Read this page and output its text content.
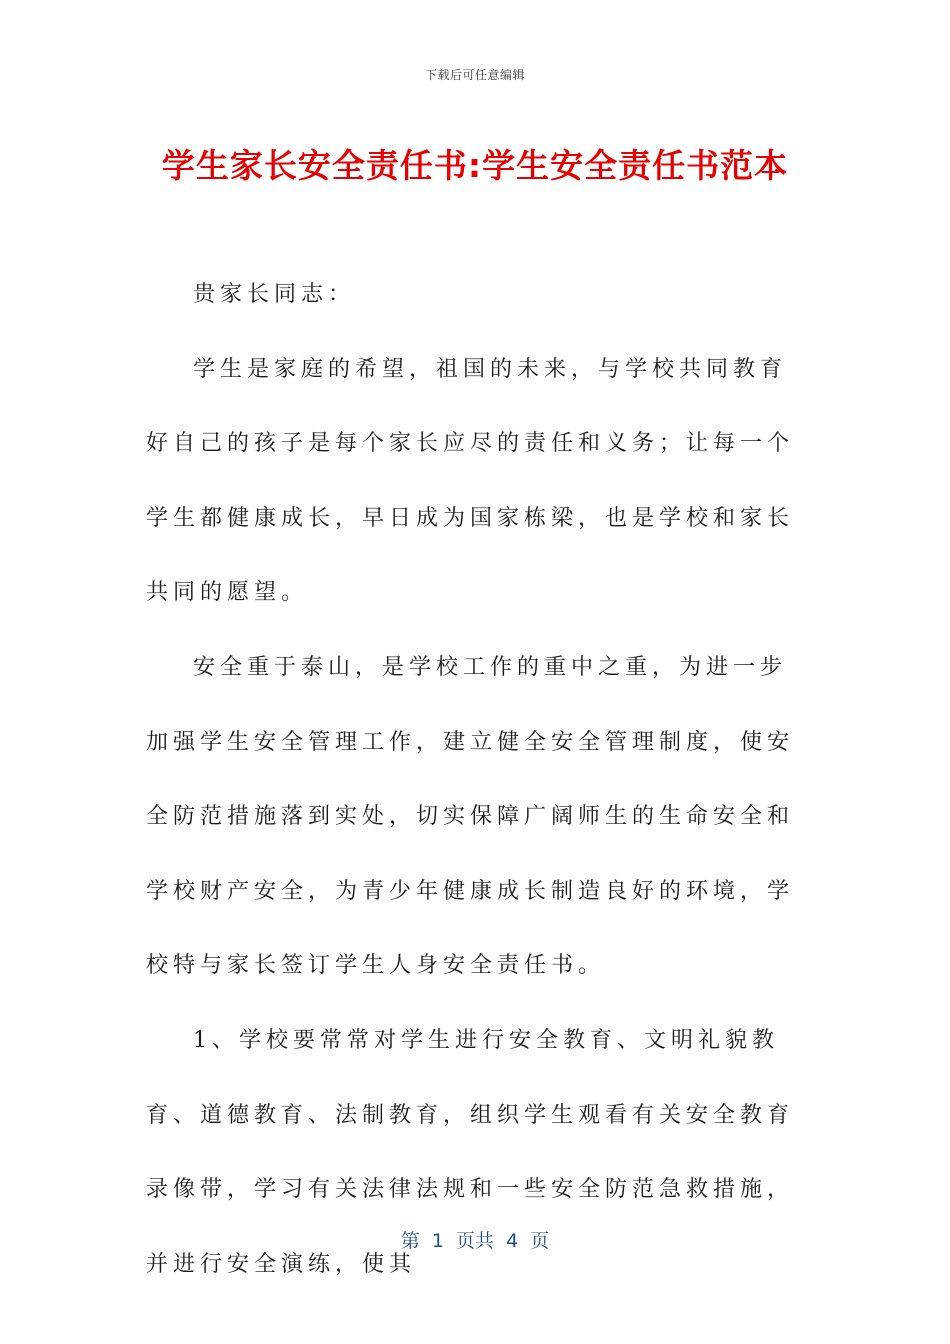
下载后可任意编辑
学生家长安全责任书:学生安全责任书范本

贵家长同志：

学生是家庭的希望，祖国的未来，与学校共同教育好自己的孩子是每个家长应尽的责任和义务；让每一个学生都健康成长，早日成为国家栋梁，也是学校和家长共同的愿望。

安全重于泰山，是学校工作的重中之重，为进一步加强学生安全管理工作，建立健全安全管理制度，使安全防范措施落到实处，切实保障广阔师生的生命安全和学校财产安全，为青少年健康成长制造良好的环境，学校特与家长签订学生人身安全责任书。

1、学校要常常对学生进行安全教育、文明礼貌教育、道德教育、法制教育，组织学生观看有关安全教育录像带，学习有关法律法规和一些安全防范急救措施，并进行安全演练，使其

第  1  页共  4  页
